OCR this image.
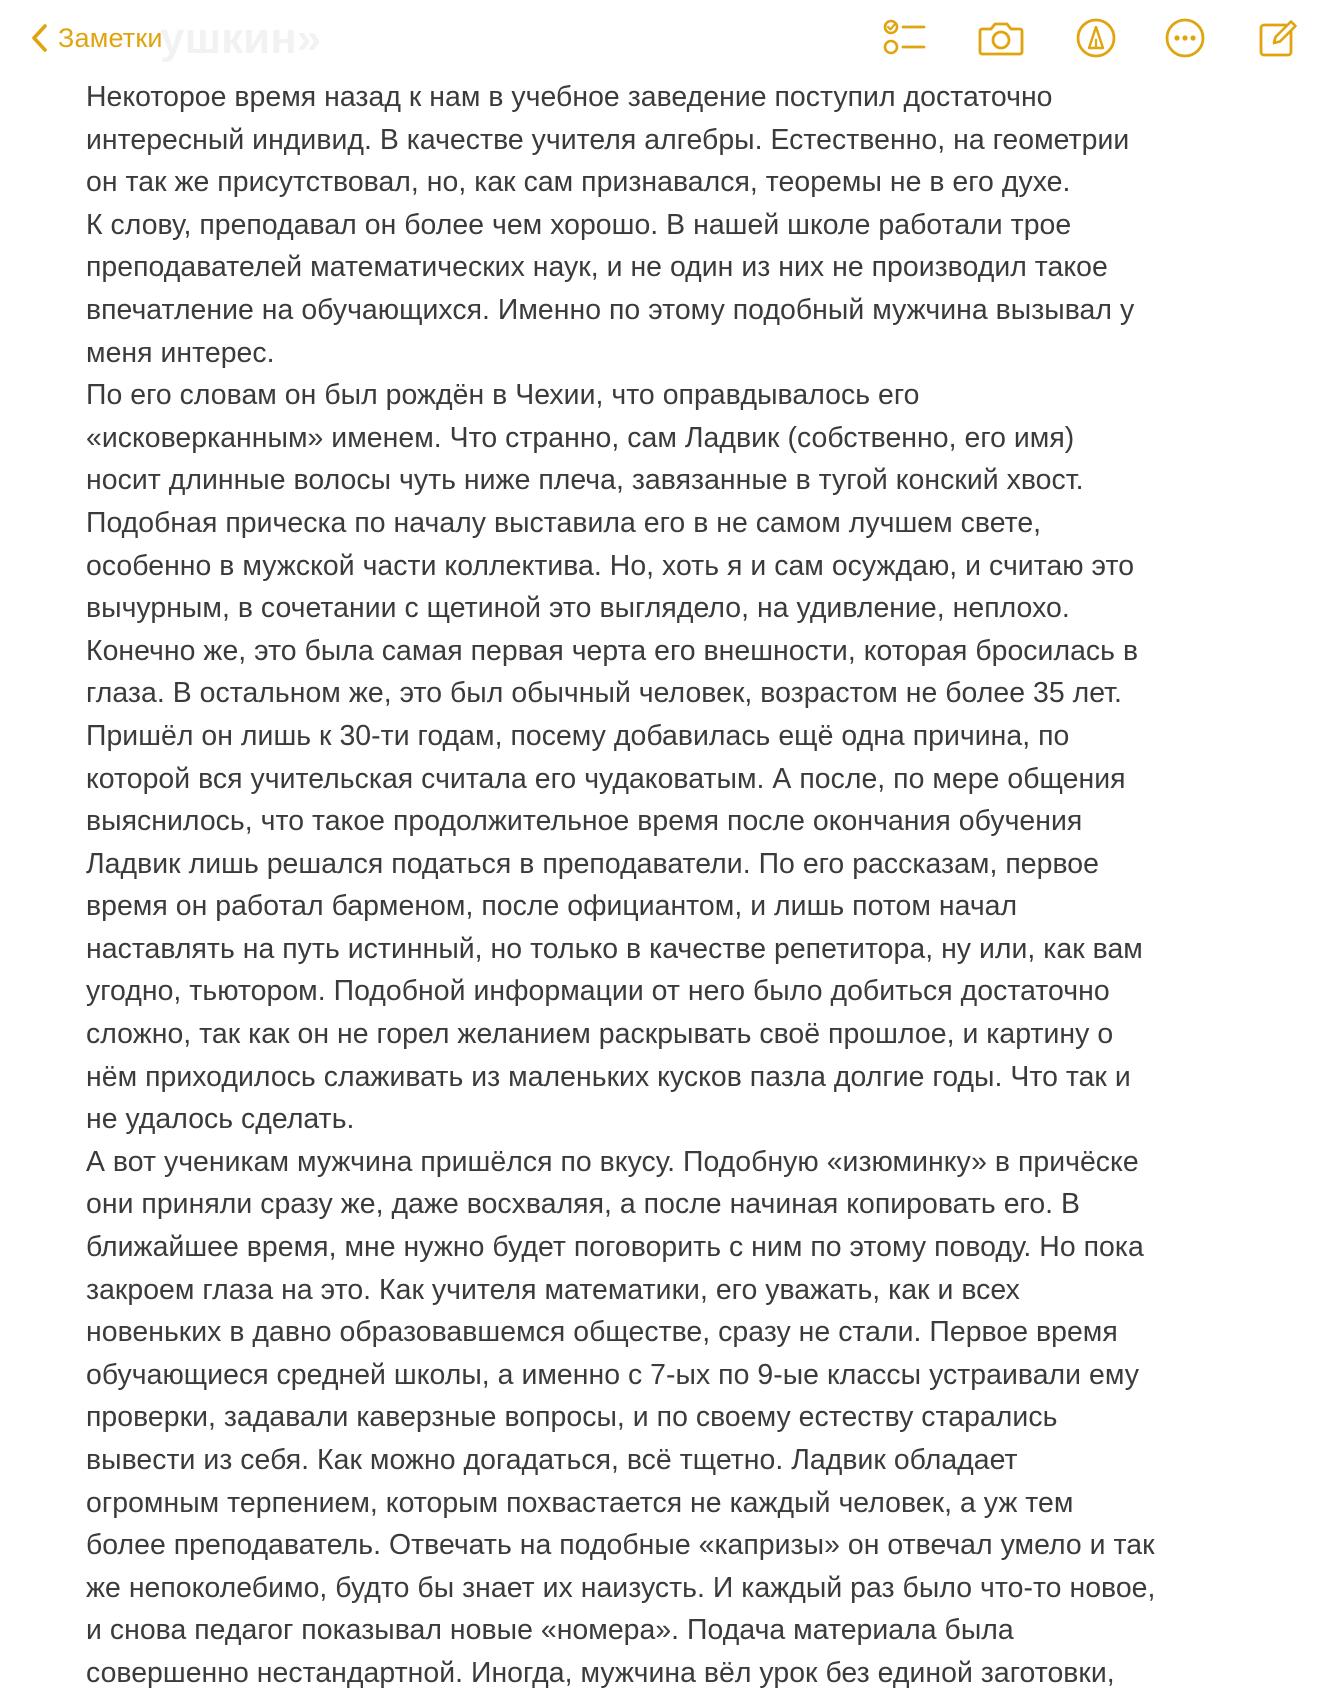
ушкин»
Заметки

Некоторое время назад к нам в учебное заведение поступил достаточно
интересный индивид. В качестве учителя алгебры. Естественно, на геометрии
он так же присутствовал, но, как сам признавался, теоремы не в его духе.

К слову, преподавал он более чем хорошо. В нашей школе работали трое
преподавателей математических наук, и не один из них не производил такое
впечатление на обучающихся. Именно по этому подобный мужчина вызывал у
меня интерес.

По его словам он был рождён в Чехии, что оправдывалось его
«исковерканным» именем. Что странно, сам Ладвик (собственно, его имя)
носит длинные волосы чуть ниже плеча, завязанные в тугой конский хвост.
Подобная прическа по началу выставила его в не самом лучшем свете,
особенно в мужской части коллектива. Но, хоть я и сам осуждаю, и считаю это
вычурным, в сочетании с щетиной это выглядело, на удивление, неплохо.
Конечно же, это была самая первая черта его внешности, которая бросилась в
глаза. В остальном же, это был обычный человек, возрастом не более 35 лет.
Пришёл он лишь к 30-ти годам, посему добавилась ещё одна причина, по
которой вся учительская считала его чудаковатым. А после, по мере общения
выяснилось, что такое продолжительное время после окончания обучения
Ладвик лишь решался податься в преподаватели. По его рассказам, первое
время он работал барменом, после официантом, и лишь потом начал
наставлять на путь истинный, но только в качестве репетитора, ну или, как вам
угодно, тьютором. Подобной информации от него было добиться достаточно
сложно, так как он не горел желанием раскрывать своё прошлое, и картину о
нём приходилось слаживать из маленьких кусков пазла долгие годы. Что так и
не удалось сделать.

А вот ученикам мужчина пришёлся по вкусу. Подобную «изюминку» в причёске
они приняли сразу же, даже восхваляя, а после начиная копировать его. В
ближайшее время, мне нужно будет поговорить с ним по этому поводу. Но пока
закроем глаза на это. Как учителя математики, его уважать, как и всех
новеньких в давно образовавшемся обществе, сразу не стали. Первое время
обучающиеся средней школы, а именно с 7-ых по 9-ые классы устраивали ему
проверки, задавали каверзные вопросы, и по своему естеству старались
вывести из себя. Как можно догадаться, всё тщетно. Ладвик обладает
огромным терпением, которым похвастается не каждый человек, а уж тем
более преподаватель. Отвечать на подобные «капризы» он отвечал умело и так
же непоколебимо, будто бы знает их наизусть. И каждый раз было что-то новое,
и снова педагог показывал новые «номера». Подача материала была
совершенно нестандартной. Иногда, мужчина вёл урок без единой заготовки,
